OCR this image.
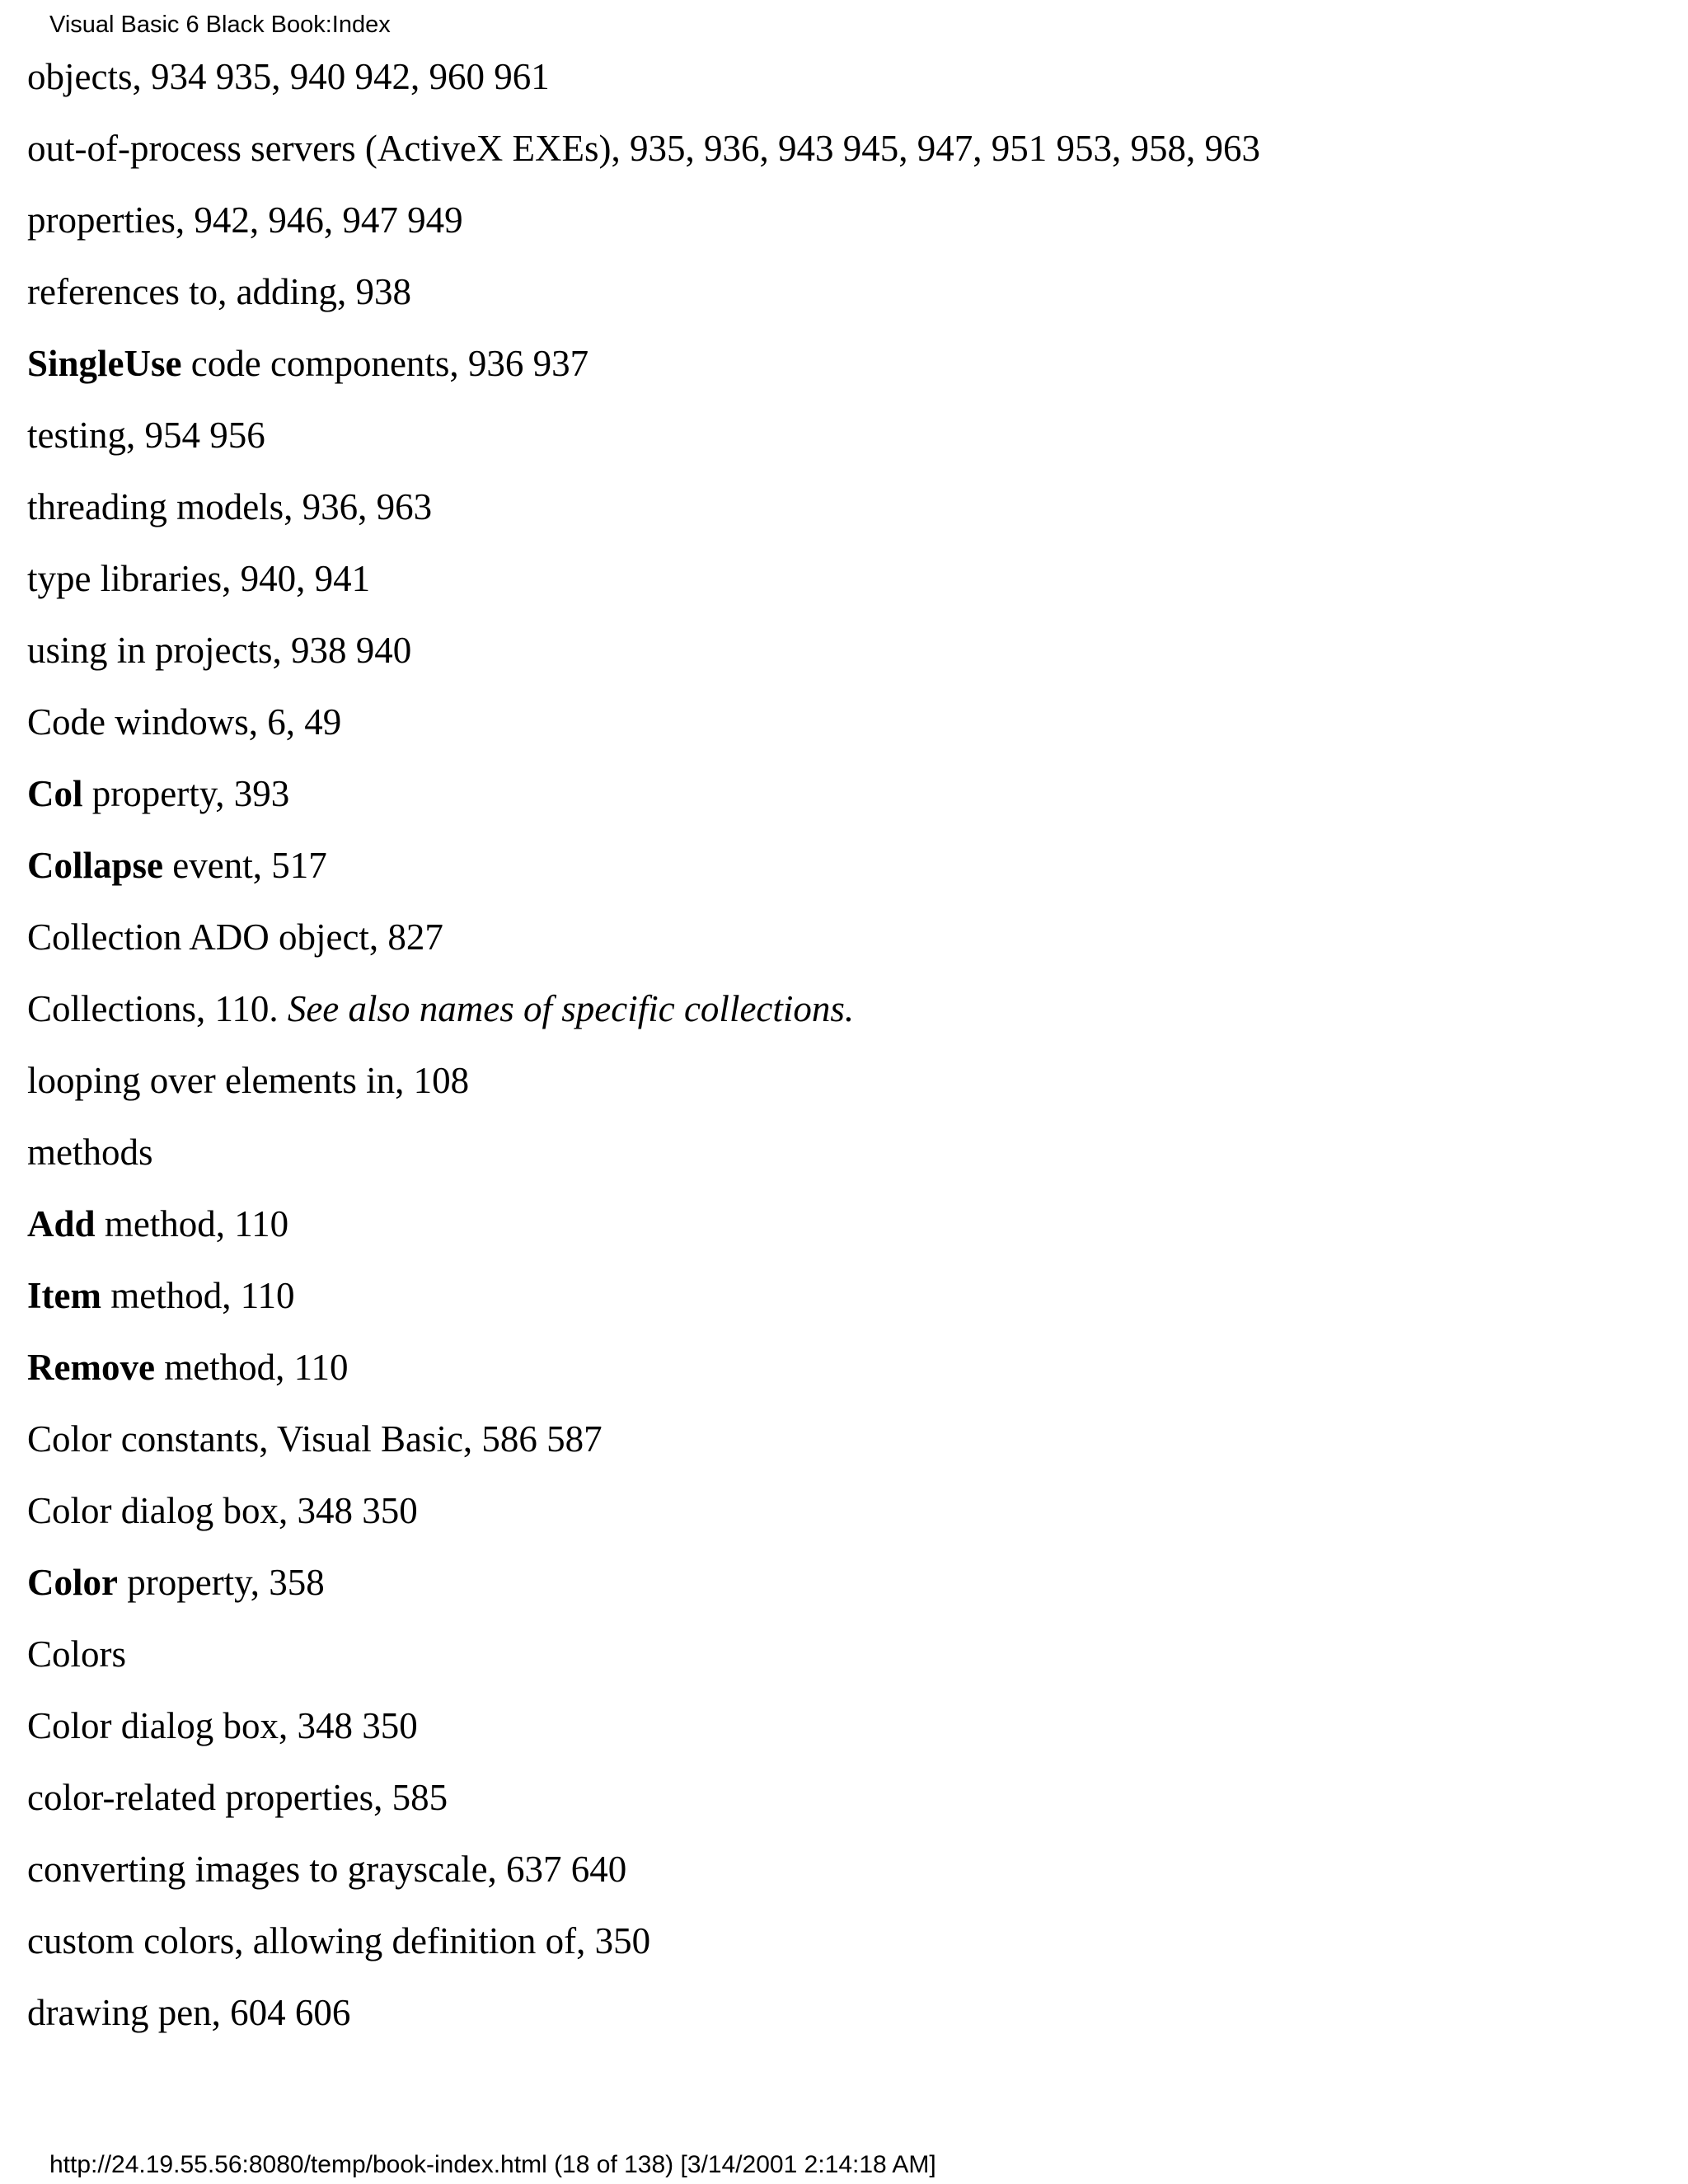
Visual Basic 6 Black Book:Index
objects, 934 935, 940 942, 960 961
out-of-process servers (ActiveX EXEs), 935, 936, 943 945, 947, 951 953, 958, 963
properties, 942, 946, 947 949
references to, adding, 938
SingleUse code components, 936 937
testing, 954 956
threading models, 936, 963
type libraries, 940, 941
using in projects, 938 940
Code windows, 6, 49
Col property, 393
Collapse event, 517
Collection ADO object, 827
Collections, 110. See also names of specific collections.
looping over elements in, 108
methods
Add method, 110
Item method, 110
Remove method, 110
Color constants, Visual Basic, 586 587
Color dialog box, 348 350
Color property, 358
Colors
Color dialog box, 348 350
color-related properties, 585
converting images to grayscale, 637 640
custom colors, allowing definition of, 350
drawing pen, 604 606
http://24.19.55.56:8080/temp/book-index.html (18 of 138) [3/14/2001 2:14:18 AM]
